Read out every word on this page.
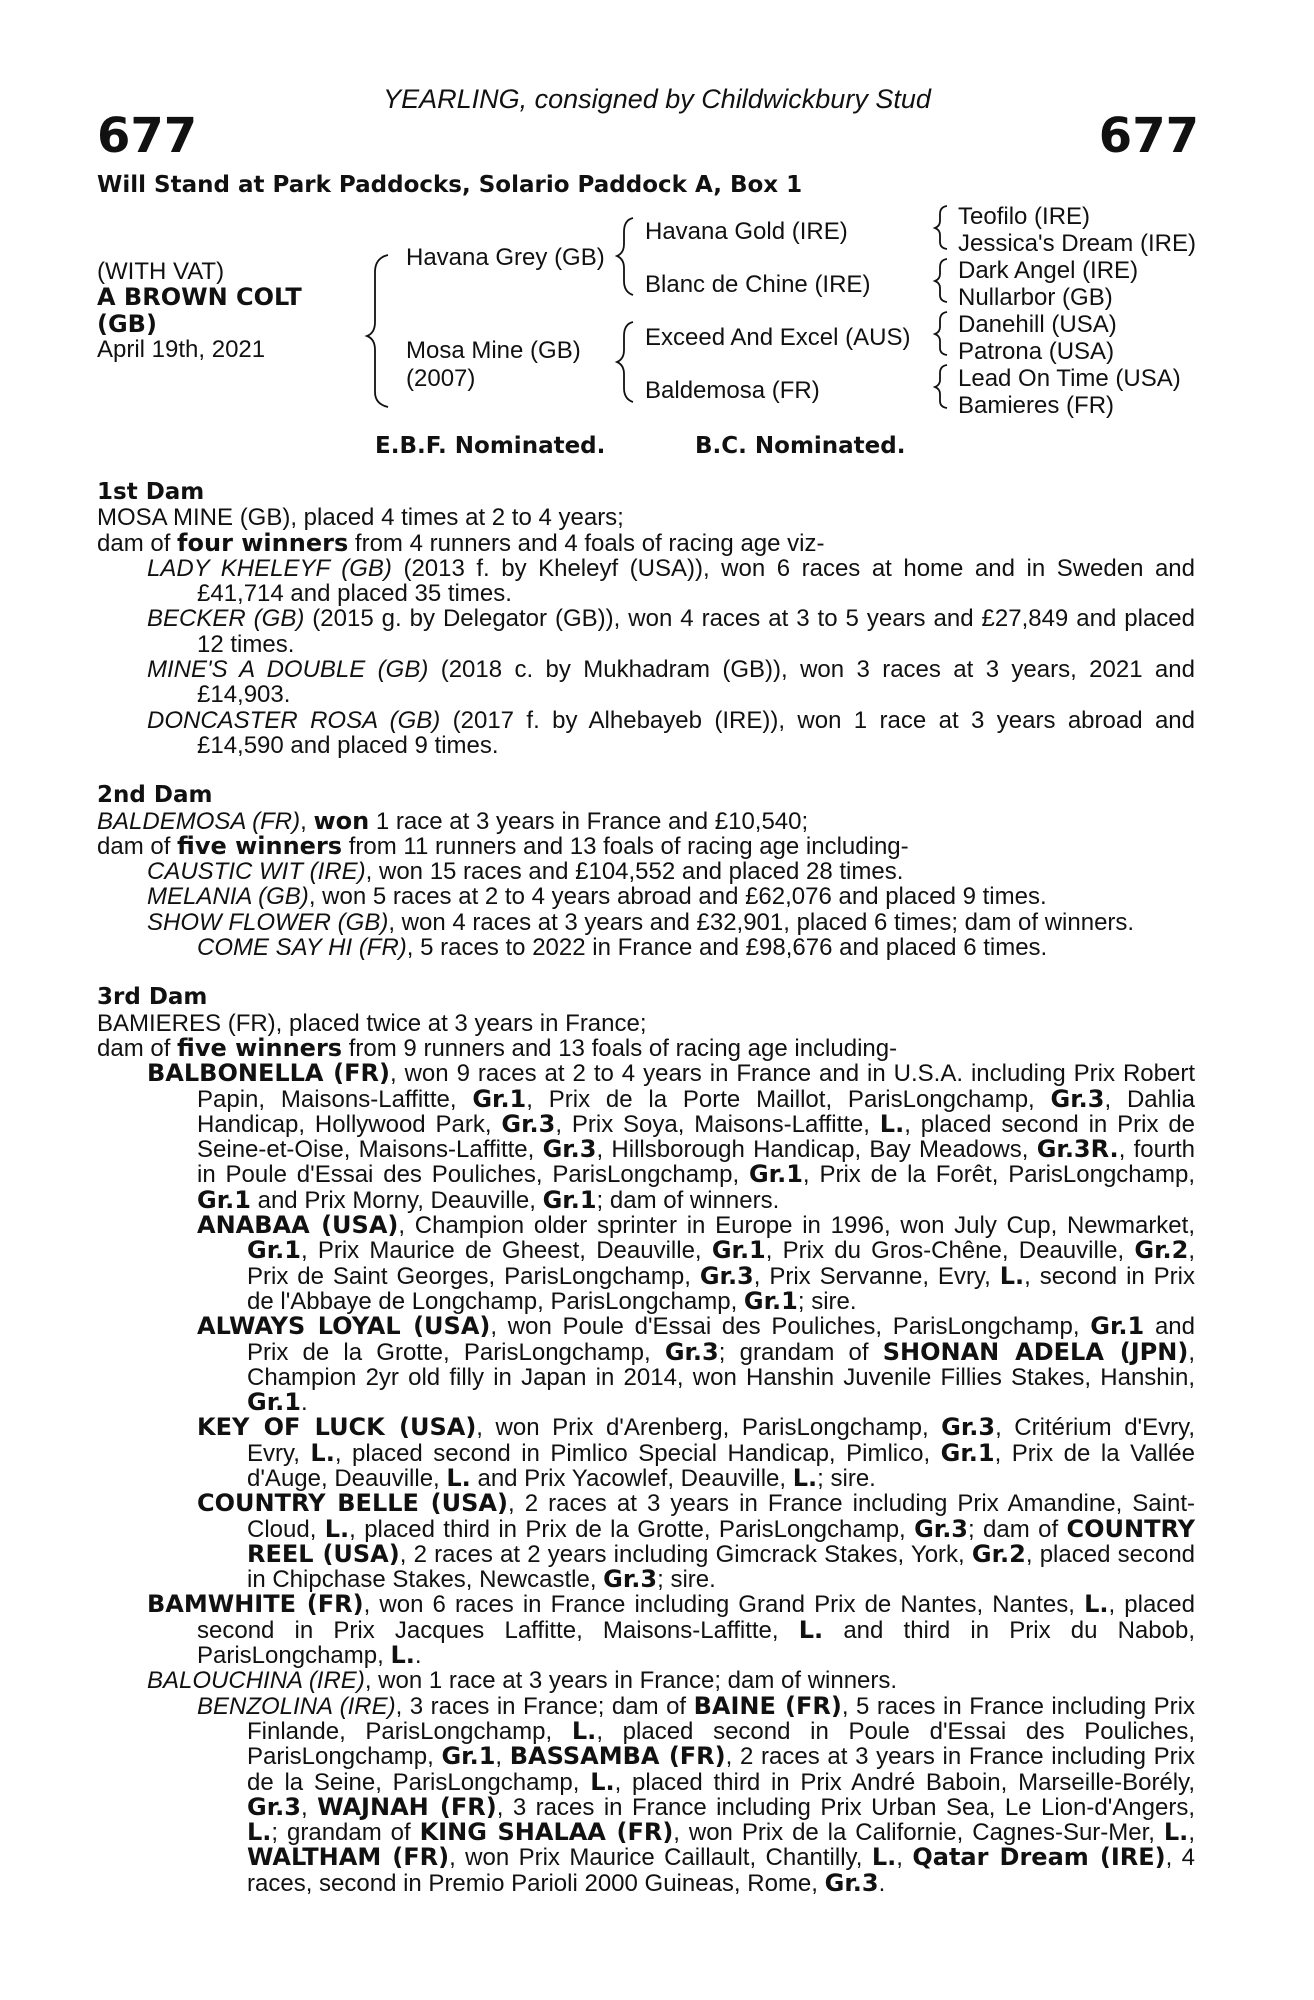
677	677
YEARLING, consigned by Childwickbury Stud
Will Stand at Park Paddocks, Solario Paddock A, Box 1
(WITH VAT)
A BROWN COLT
(GB)
April 19th, 2021
Havana Grey (GB)
Mosa Mine (GB)
(2007)
Havana Gold (IRE)
Blanc de Chine (IRE)
Exceed And Excel (AUS)
Baldemosa (FR)
Teofilo (IRE)
Jessica's Dream (IRE)
Dark Angel (IRE)
Nullarbor (GB)
Danehill (USA)
Patrona (USA)
Lead On Time (USA)
Bamieres (FR)
E.B.F. Nominated.	B.C. Nominated.

1st Dam

MOSA MINE (GB), placed 4 times at 2 to 4 years;

dam of four winners from 4 runners and 4 foals of racing age viz-

LADY KHELEYF (GB) (2013 f. by Kheleyf (USA)), won 6 races at home and in Sweden and £41,714 and placed 35 times.

BECKER (GB) (2015 g. by Delegator (GB)), won 4 races at 3 to 5 years and £27,849 and placed 12 times.

MINE'S A DOUBLE (GB) (2018 c. by Mukhadram (GB)), won 3 races at 3 years, 2021 and £14,903.

DONCASTER ROSA (GB) (2017 f. by Alhebayeb (IRE)), won 1 race at 3 years abroad and £14,590 and placed 9 times.

2nd Dam

BALDEMOSA (FR), won 1 race at 3 years in France and £10,540;

dam of five winners from 11 runners and 13 foals of racing age including-

CAUSTIC WIT (IRE), won 15 races and £104,552 and placed 28 times.

MELANIA (GB), won 5 races at 2 to 4 years abroad and £62,076 and placed 9 times.

SHOW FLOWER (GB), won 4 races at 3 years and £32,901, placed 6 times; dam of winners.

COME SAY HI (FR), 5 races to 2022 in France and £98,676 and placed 6 times.

3rd Dam

BAMIERES (FR), placed twice at 3 years in France;

dam of five winners from 9 runners and 13 foals of racing age including-

BALBONELLA (FR), won 9 races at 2 to 4 years in France and in U.S.A. including Prix Robert Papin, Maisons-Laffitte, Gr.1, Prix de la Porte Maillot, ParisLongchamp, Gr.3, Dahlia Handicap, Hollywood Park, Gr.3, Prix Soya, Maisons-Laffitte, L., placed second in Prix de Seine-et-Oise, Maisons-Laffitte, Gr.3, Hillsborough Handicap, Bay Meadows, Gr.3R., fourth in Poule d'Essai des Pouliches, ParisLongchamp, Gr.1, Prix de la Forêt, ParisLongchamp, Gr.1 and Prix Morny, Deauville, Gr.1; dam of winners.

ANABAA (USA), Champion older sprinter in Europe in 1996, won July Cup, Newmarket, Gr.1, Prix Maurice de Gheest, Deauville, Gr.1, Prix du Gros-Chêne, Deauville, Gr.2, Prix de Saint Georges, ParisLongchamp, Gr.3, Prix Servanne, Evry, L., second in Prix de l'Abbaye de Longchamp, ParisLongchamp, Gr.1; sire.

ALWAYS LOYAL (USA), won Poule d'Essai des Pouliches, ParisLongchamp, Gr.1 and Prix de la Grotte, ParisLongchamp, Gr.3; grandam of SHONAN ADELA (JPN), Champion 2yr old filly in Japan in 2014, won Hanshin Juvenile Fillies Stakes, Hanshin, Gr.1.

KEY OF LUCK (USA), won Prix d'Arenberg, ParisLongchamp, Gr.3, Critérium d'Evry, Evry, L., placed second in Pimlico Special Handicap, Pimlico, Gr.1, Prix de la Vallée d'Auge, Deauville, L. and Prix Yacowlef, Deauville, L.; sire.

COUNTRY BELLE (USA), 2 races at 3 years in France including Prix Amandine, Saint-Cloud, L., placed third in Prix de la Grotte, ParisLongchamp, Gr.3; dam of COUNTRY REEL (USA), 2 races at 2 years including Gimcrack Stakes, York, Gr.2, placed second in Chipchase Stakes, Newcastle, Gr.3; sire.

BAMWHITE (FR), won 6 races in France including Grand Prix de Nantes, Nantes, L., placed second in Prix Jacques Laffitte, Maisons-Laffitte, L. and third in Prix du Nabob, ParisLongchamp, L..

BALOUCHINA (IRE), won 1 race at 3 years in France; dam of winners.

BENZOLINA (IRE), 3 races in France; dam of BAINE (FR), 5 races in France including Prix Finlande, ParisLongchamp, L., placed second in Poule d'Essai des Pouliches, ParisLongchamp, Gr.1, BASSAMBA (FR), 2 races at 3 years in France including Prix de la Seine, ParisLongchamp, L., placed third in Prix André Baboin, Marseille-Borély, Gr.3, WAJNAH (FR), 3 races in France including Prix Urban Sea, Le Lion-d'Angers, L.; grandam of KING SHALAA (FR), won Prix de la Californie, Cagnes-Sur-Mer, L., WALTHAM (FR), won Prix Maurice Caillault, Chantilly, L., Qatar Dream (IRE), 4 races, second in Premio Parioli 2000 Guineas, Rome, Gr.3.
